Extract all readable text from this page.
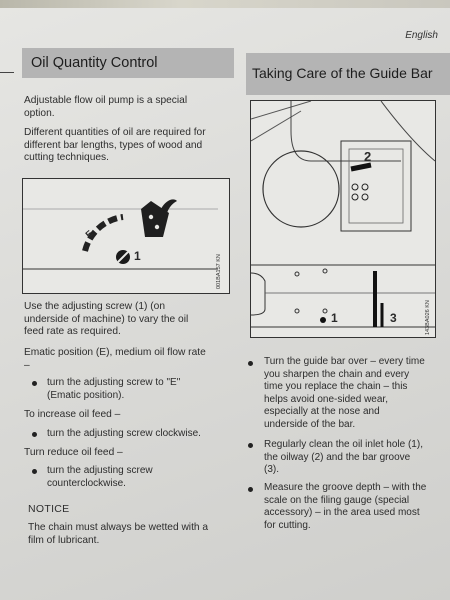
English
Oil Quantity Control
Adjustable flow oil pump is a special
option.
Different quantities of oil are required for
different bar lengths, types of wood and
cutting techniques.
E
1	001BA157 KN
Use the adjusting screw (1) (on
underside of machine) to vary the oil
feed rate as required.
Ematic position (E), medium oil flow rate
–
turn the adjusting screw to "E"
(Ematic position).
To increase oil feed –
turn the adjusting screw clockwise.
Turn reduce oil feed –
turn the adjusting screw
counterclockwise.
NOTICE
The chain must always be wetted with a
film of lubricant.
Taking Care of the Guide Bar
2
1	3	143BA026 KN
Turn the guide bar over – every time
you sharpen the chain and every
time you replace the chain – this
helps avoid one-sided wear,
especially at the nose and
underside of the bar.
Regularly clean the oil inlet hole (1),
the oilway (2) and the bar groove
(3).
Measure the groove depth – with the
scale on the filing gauge (special
accessory) – in the area used most
for cutting.
